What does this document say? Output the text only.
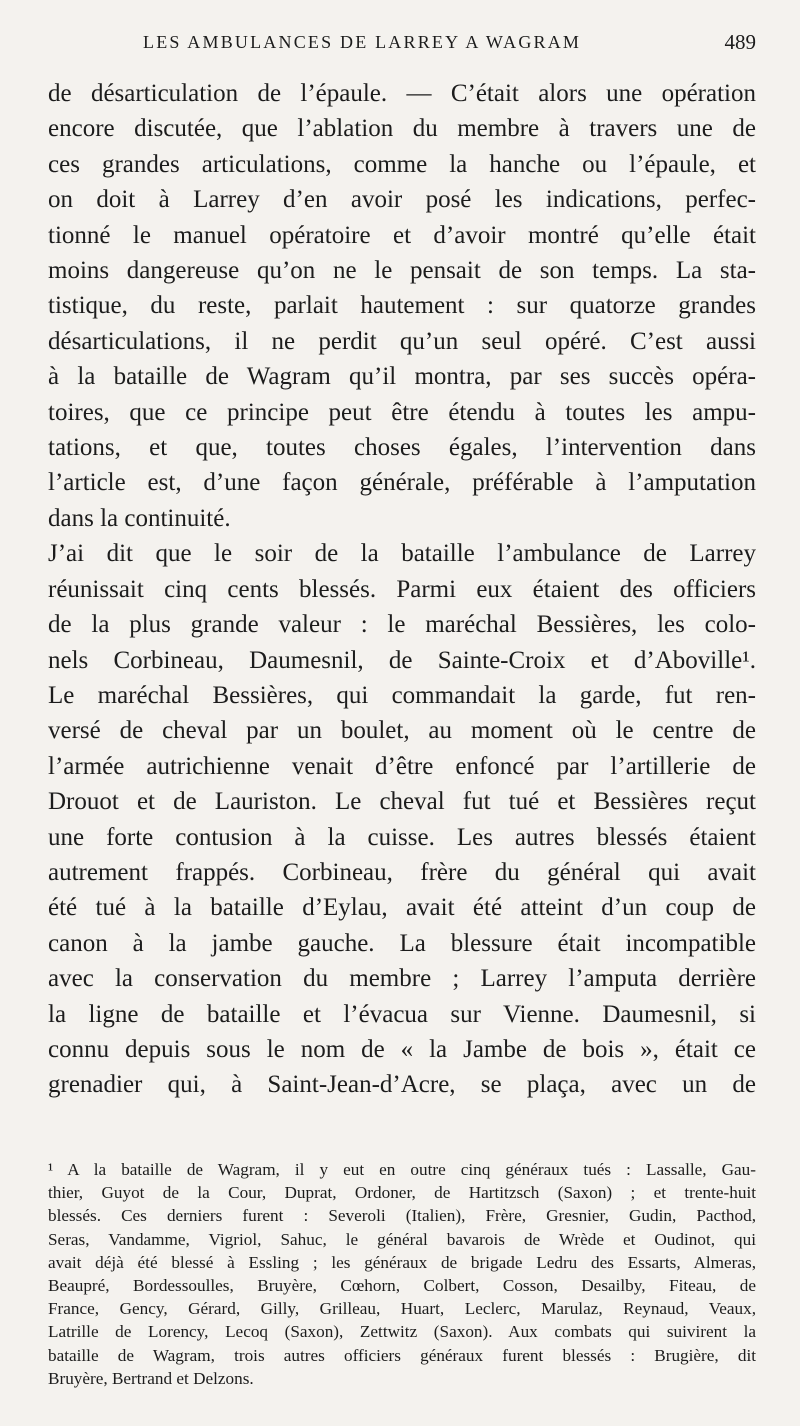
LES AMBULANCES DE LARREY A WAGRAM	489
de désarticulation de l’épaule. — C’était alors une opération
encore discutée, que l’ablation du membre à travers une de
ces grandes articulations, comme la hanche ou l’épaule, et
on doit à Larrey d’en avoir posé les indications, perfec-
tionné le manuel opératoire et d’avoir montré qu’elle était
moins dangereuse qu’on ne le pensait de son temps. La sta-
tistique, du reste, parlait hautement : sur quatorze grandes
désarticulations, il ne perdit qu’un seul opéré. C’est aussi
à la bataille de Wagram qu’il montra, par ses succès opéra-
toires, que ce principe peut être étendu à toutes les ampu-
tations, et que, toutes choses égales, l’intervention dans
l’article est, d’une façon générale, préférable à l’amputation
dans la continuité.
J’ai dit que le soir de la bataille l’ambulance de Larrey
réunissait cinq cents blessés. Parmi eux étaient des officiers
de la plus grande valeur : le maréchal Bessières, les colo-
nels Corbineau, Daumesnil, de Sainte-Croix et d’Aboville¹.
Le maréchal Bessières, qui commandait la garde, fut ren-
versé de cheval par un boulet, au moment où le centre de
l’armée autrichienne venait d’être enfoncé par l’artillerie de
Drouot et de Lauriston. Le cheval fut tué et Bessières reçut
une forte contusion à la cuisse. Les autres blessés étaient
autrement frappés. Corbineau, frère du général qui avait
été tué à la bataille d’Eylau, avait été atteint d’un coup de
canon à la jambe gauche. La blessure était incompatible
avec la conservation du membre ; Larrey l’amputa derrière
la ligne de bataille et l’évacua sur Vienne. Daumesnil, si
connu depuis sous le nom de « la Jambe de bois », était ce
grenadier qui, à Saint-Jean-d’Acre, se plaça, avec un de
¹ A la bataille de Wagram, il y eut en outre cinq généraux tués : Lassalle, Gau-
thier, Guyot de la Cour, Duprat, Ordoner, de Hartitzsch (Saxon) ; et trente-huit
blessés. Ces derniers furent : Severoli (Italien), Frère, Gresnier, Gudin, Pacthod,
Seras, Vandamme, Vigriol, Sahuc, le général bavarois de Wrède et Oudinot, qui
avait déjà été blessé à Essling ; les généraux de brigade Ledru des Essarts, Almeras,
Beaupré, Bordessoulles, Bruyère, Cœhorn, Colbert, Cosson, Desailby, Fiteau, de
France, Gency, Gérard, Gilly, Grilleau, Huart, Leclerc, Marulaz, Reynaud, Veaux,
Latrille de Lorency, Lecoq (Saxon), Zettwitz (Saxon). Aux combats qui suivirent la
bataille de Wagram, trois autres officiers généraux furent blessés : Brugière, dit
Bruyère, Bertrand et Delzons.
